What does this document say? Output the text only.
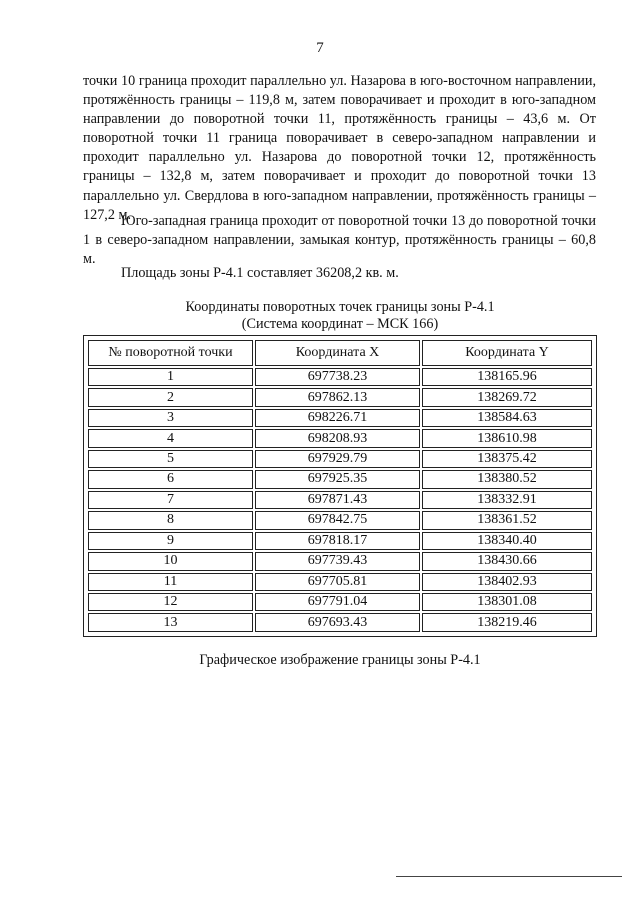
7

точки 10 граница проходит параллельно ул. Назарова в юго-восточном направлении, протяжённость границы – 119,8 м, затем поворачивает и проходит в юго-западном направлении до поворотной точки 11, протяжённость границы – 43,6 м. От поворотной точки 11 граница поворачивает в северо-западном направлении и проходит параллельно ул. Назарова до поворотной точки 12, протяжённость границы – 132,8 м, затем поворачивает и проходит до поворотной точки 13 параллельно ул. Свердлова в юго-западном направлении, протяжённость границы – 127,2 м.

Юго-западная граница проходит от поворотной точки 13 до поворотной точки 1 в северо-западном направлении, замыкая контур, протяжённость границы – 60,8 м.

Площадь зоны Р-4.1 составляет 36208,2 кв. м.

Координаты поворотных точек границы зоны Р-4.1
(Система координат – МСК 166)
№ поворотной точки	Координата X	Координата Y
1	697738.23	138165.96
2	697862.13	138269.72
3	698226.71	138584.63
4	698208.93	138610.98
5	697929.79	138375.42
6	697925.35	138380.52
7	697871.43	138332.91
8	697842.75	138361.52
9	697818.17	138340.40
10	697739.43	138430.66
11	697705.81	138402.93
12	697791.04	138301.08
13	697693.43	138219.46
Графическое изображение границы зоны Р-4.1
